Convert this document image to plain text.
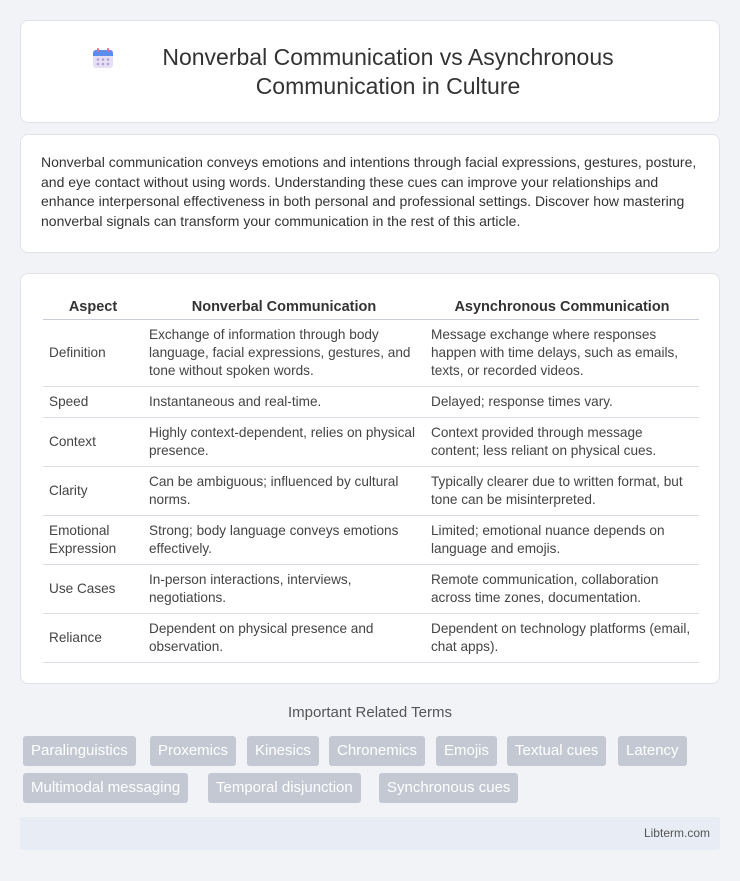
Nonverbal Communication vs Asynchronous Communication in Culture

Nonverbal communication conveys emotions and intentions through facial expressions, gestures, posture, and eye contact without using words. Understanding these cues can improve your relationships and enhance interpersonal effectiveness in both personal and professional settings. Discover how mastering nonverbal signals can transform your communication in the rest of this article.

Aspect	Nonverbal Communication	Asynchronous Communication
Definition	Exchange of information through body language, facial expressions, gestures, and tone without spoken words.	Message exchange where responses happen with time delays, such as emails, texts, or recorded videos.
Speed	Instantaneous and real-time.	Delayed; response times vary.
Context	Highly context-dependent, relies on physical presence.	Context provided through message content; less reliant on physical cues.
Clarity	Can be ambiguous; influenced by cultural norms.	Typically clearer due to written format, but tone can be misinterpreted.
Emotional Expression	Strong; body language conveys emotions effectively.	Limited; emotional nuance depends on language and emojis.
Use Cases	In-person interactions, interviews, negotiations.	Remote communication, collaboration across time zones, documentation.
Reliance	Dependent on physical presence and observation.	Dependent on technology platforms (email, chat apps).
Important Related Terms
Paralinguistics	Proxemics	Kinesics	Chronemics	Emojis	Textual cues	Latency
Multimodal messaging	Temporal disjunction	Synchronous cues
Libterm.com
